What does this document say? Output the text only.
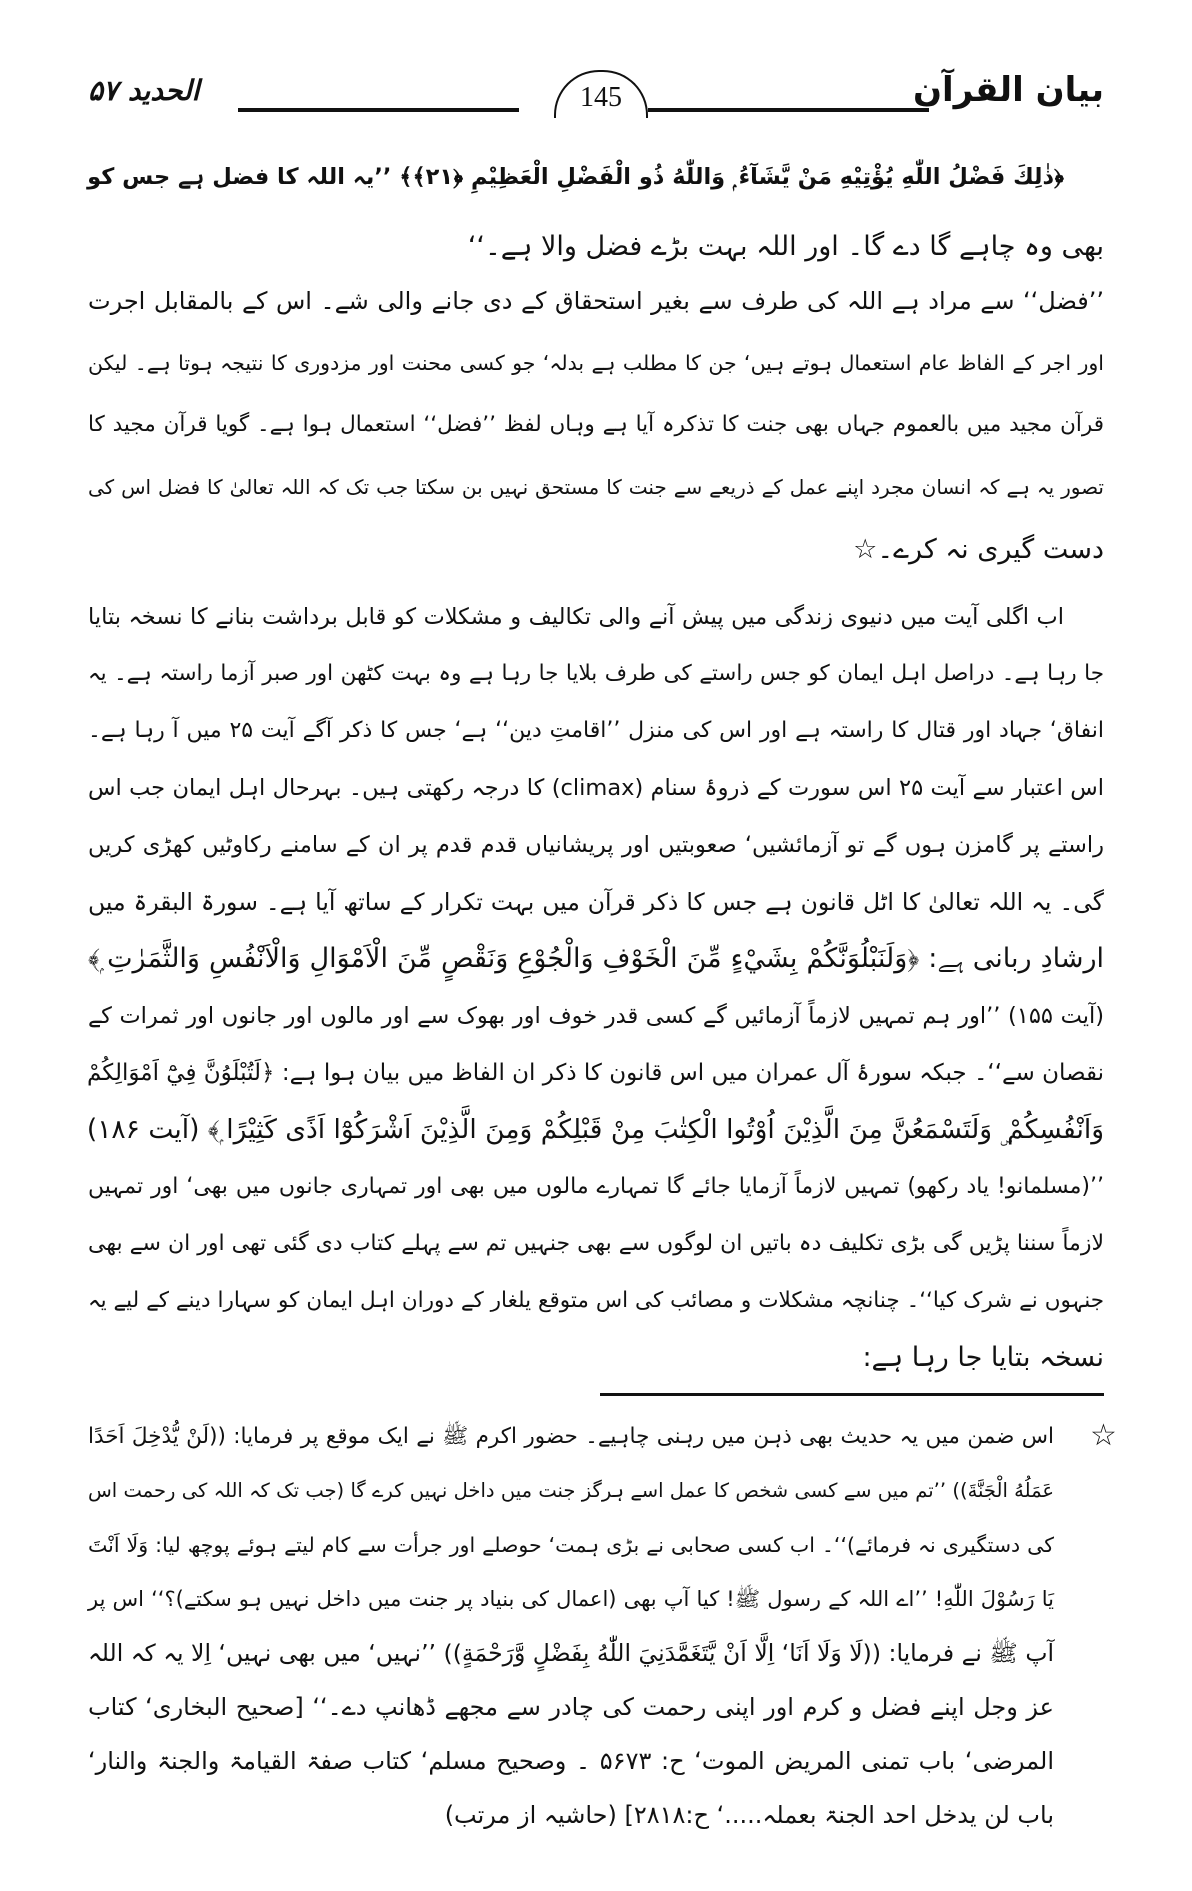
بیان القرآن
145
الحدید ۵۷
﴿ذٰلِكَ فَضْلُ اللّٰهِ يُؤْتِيْهِ مَنْ يَّشَآءُ ۭ وَاللّٰهُ ذُو الْفَضْلِ الْعَظِيْمِ ﴿۲۱﴾﴾ ’’یہ اللہ کا فضل ہے جس کو
بھی وہ چاہے گا دے گا۔ اور اللہ بہت بڑے فضل والا ہے۔‘‘
’’فضل‘‘ سے مراد ہے اللہ کی طرف سے بغیر استحقاق کے دی جانے والی شے۔ اس کے بالمقابل اجرت
اور اجر کے الفاظ عام استعمال ہوتے ہیں‘ جن کا مطلب ہے بدلہ‘ جو کسی محنت اور مزدوری کا نتیجہ ہوتا ہے۔ لیکن
قرآن مجید میں بالعموم جہاں بھی جنت کا تذکرہ آیا ہے وہاں لفظ ’’فضل‘‘ استعمال ہوا ہے۔ گویا قرآن مجید کا
تصور یہ ہے کہ انسان مجرد اپنے عمل کے ذریعے سے جنت کا مستحق نہیں بن سکتا جب تک کہ اللہ تعالیٰ کا فضل اس کی
دست گیری نہ کرے۔☆
اب اگلی آیت میں دنیوی زندگی میں پیش آنے والی تکالیف و مشکلات کو قابل برداشت بنانے کا نسخہ بتایا
جا رہا ہے۔ دراصل اہل ایمان کو جس راستے کی طرف بلایا جا رہا ہے وہ بہت کٹھن اور صبر آزما راستہ ہے۔ یہ
انفاق‘ جہاد اور قتال کا راستہ ہے اور اس کی منزل ’’اقامتِ دین‘‘ ہے‘ جس کا ذکر آگے آیت ۲۵ میں آ رہا ہے۔
اس اعتبار سے آیت ۲۵ اس سورت کے ذروۂ سنام (climax) کا درجہ رکھتی ہیں۔ بہرحال اہل ایمان جب اس
راستے پر گامزن ہوں گے تو آزمائشیں‘ صعوبتیں اور پریشانیاں قدم قدم پر ان کے سامنے رکاوٹیں کھڑی کریں
گی۔ یہ اللہ تعالیٰ کا اٹل قانون ہے جس کا ذکر قرآن میں بہت تکرار کے ساتھ آیا ہے۔ سورۃ البقرۃ میں
ارشادِ ربانی ہے: ﴿وَلَنَبْلُوَنَّكُمْ بِشَيْءٍ مِّنَ الْخَوْفِ وَالْجُوْعِ وَنَقْصٍ مِّنَ الْاَمْوَالِ وَالْاَنْفُسِ وَالثَّمَرٰتِ ۭ﴾
(آیت ۱۵۵) ’’اور ہم تمہیں لازماً آزمائیں گے کسی قدر خوف اور بھوک سے اور مالوں اور جانوں اور ثمرات کے
نقصان سے‘‘۔ جبکہ سورۂ آل عمران میں اس قانون کا ذکر ان الفاظ میں بیان ہوا ہے: ﴿لَتُبْلَوُنَّ فِيْٓ اَمْوَالِكُمْ
وَاَنْفُسِكُمْ ۣ وَلَتَسْمَعُنَّ مِنَ الَّذِيْنَ اُوْتُوا الْكِتٰبَ مِنْ قَبْلِكُمْ وَمِنَ الَّذِيْنَ اَشْرَكُوْٓا اَذًى كَثِيْرًا ۭ﴾ (آیت ۱۸۶)
’’(مسلمانو! یاد رکھو) تمہیں لازماً آزمایا جائے گا تمہارے مالوں میں بھی اور تمہاری جانوں میں بھی‘ اور تمہیں
لازماً سننا پڑیں گی بڑی تکلیف دہ باتیں ان لوگوں سے بھی جنہیں تم سے پہلے کتاب دی گئی تھی اور ان سے بھی
جنہوں نے شرک کیا‘‘۔ چنانچہ مشکلات و مصائب کی اس متوقع یلغار کے دوران اہل ایمان کو سہارا دینے کے لیے یہ
نسخہ بتایا جا رہا ہے:
☆
اس ضمن میں یہ حدیث بھی ذہن میں رہنی چاہیے۔ حضور اکرم ﷺ نے ایک موقع پر فرمایا: ((لَنْ يُّدْخِلَ اَحَدًا
عَمَلُهُ الْجَنَّةَ)) ’’تم میں سے کسی شخص کا عمل اسے ہرگز جنت میں داخل نہیں کرے گا (جب تک کہ اللہ کی رحمت اس
کی دستگیری نہ فرمائے)‘‘۔ اب کسی صحابی نے بڑی ہمت‘ حوصلے اور جرأت سے کام لیتے ہوئے پوچھ لیا: وَلَا اَنْتَ
يَا رَسُوْلَ اللّٰهِ! ’’اے اللہ کے رسول ﷺ! کیا آپ بھی (اعمال کی بنیاد پر جنت میں داخل نہیں ہو سکتے)؟‘‘ اس پر
آپ ﷺ نے فرمایا: ((لَا وَلَا اَنَا‘ اِلَّا اَنْ يَّتَغَمَّدَنِيَ اللّٰهُ بِفَضْلٍ وَّرَحْمَةٍ)) ’’نہیں‘ میں بھی نہیں‘ اِلا یہ کہ اللہ
عز وجل اپنے فضل و کرم اور اپنی رحمت کی چادر سے مجھے ڈھانپ دے۔‘‘ [صحیح البخاری‘ کتاب
المرضی‘ باب تمنی المریض الموت‘ ح: ۵۶۷۳ ۔ وصحیح مسلم‘ کتاب صفۃ القیامۃ والجنۃ والنار‘
باب لن یدخل احد الجنۃ بعملہ.....‘ ح:۲۸۱۸] (حاشیہ از مرتب)
